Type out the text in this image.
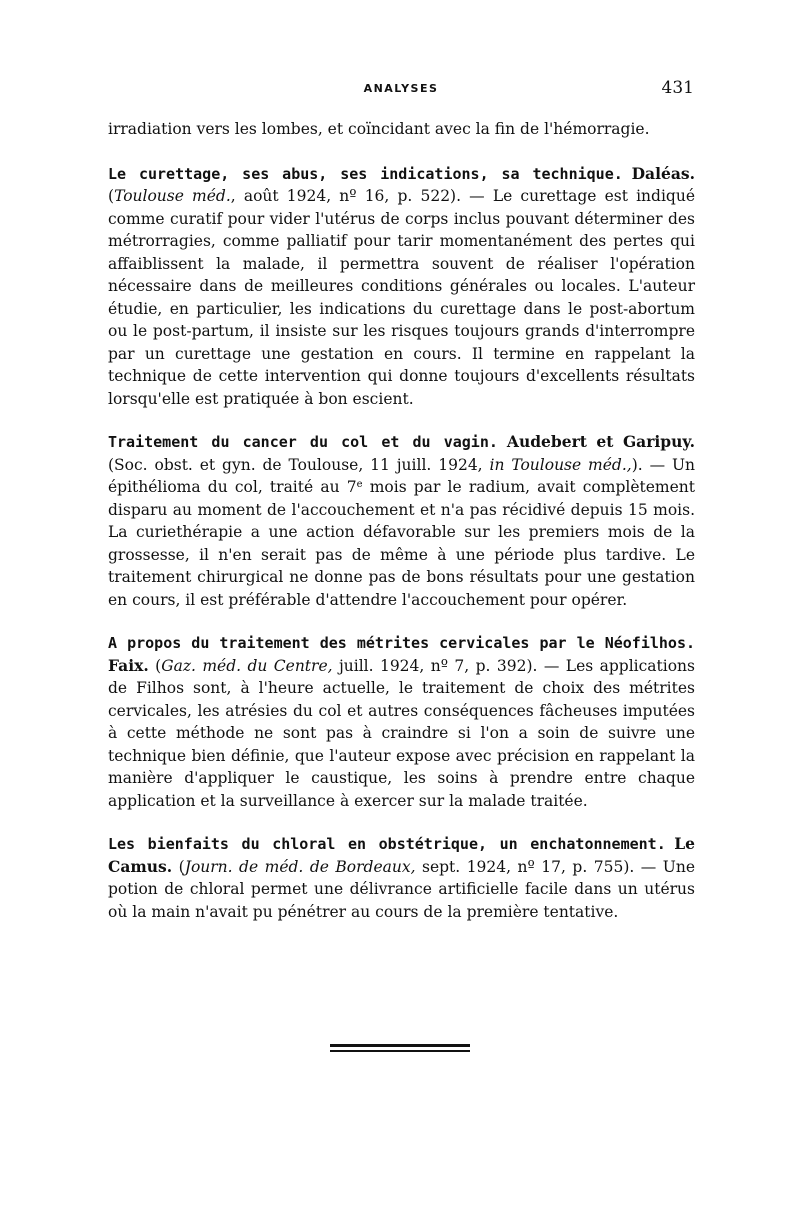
ANALYSES	431

irradiation vers les lombes, et coïncidant avec la fin de l'hémorragie.

Le curettage, ses abus, ses indications, sa technique. Daléas. (Toulouse méd., août 1924, nº 16, p. 522). — Le curettage est indiqué comme curatif pour vider l'utérus de corps inclus pouvant déterminer des métrorragies, comme palliatif pour tarir momentanément des pertes qui affaiblissent la malade, il permettra souvent de réaliser l'opération nécessaire dans de meilleures conditions générales ou locales. L'auteur étudie, en particulier, les indications du curettage dans le post-abortum ou le post-partum, il insiste sur les risques toujours grands d'interrompre par un curettage une gestation en cours. Il termine en rappelant la technique de cette intervention qui donne toujours d'excellents résultats lorsqu'elle est pratiquée à bon escient.

Traitement du cancer du col et du vagin. Audebert et Garipuy. (Soc. obst. et gyn. de Toulouse, 11 juill. 1924, in Toulouse méd.,). — Un épithélioma du col, traité au 7e mois par le radium, avait complètement disparu au moment de l'accouchement et n'a pas récidivé depuis 15 mois. La curiethérapie a une action défavorable sur les premiers mois de la grossesse, il n'en serait pas de même à une période plus tardive. Le traitement chirurgical ne donne pas de bons résultats pour une gestation en cours, il est préférable d'attendre l'accouchement pour opérer.

A propos du traitement des métrites cervicales par le Néofilhos. Faix. (Gaz. méd. du Centre, juill. 1924, nº 7, p. 392). — Les applications de Filhos sont, à l'heure actuelle, le traitement de choix des métrites cervicales, les atrésies du col et autres conséquences fâcheuses imputées à cette méthode ne sont pas à craindre si l'on a soin de suivre une technique bien définie, que l'auteur expose avec précision en rappelant la manière d'appliquer le caustique, les soins à prendre entre chaque application et la surveillance à exercer sur la malade traitée.

Les bienfaits du chloral en obstétrique, un enchatonnement. Le Camus. (Journ. de méd. de Bordeaux, sept. 1924, nº 17, p. 755). — Une potion de chloral permet une délivrance artificielle facile dans un utérus où la main n'avait pu pénétrer au cours de la première tentative.
